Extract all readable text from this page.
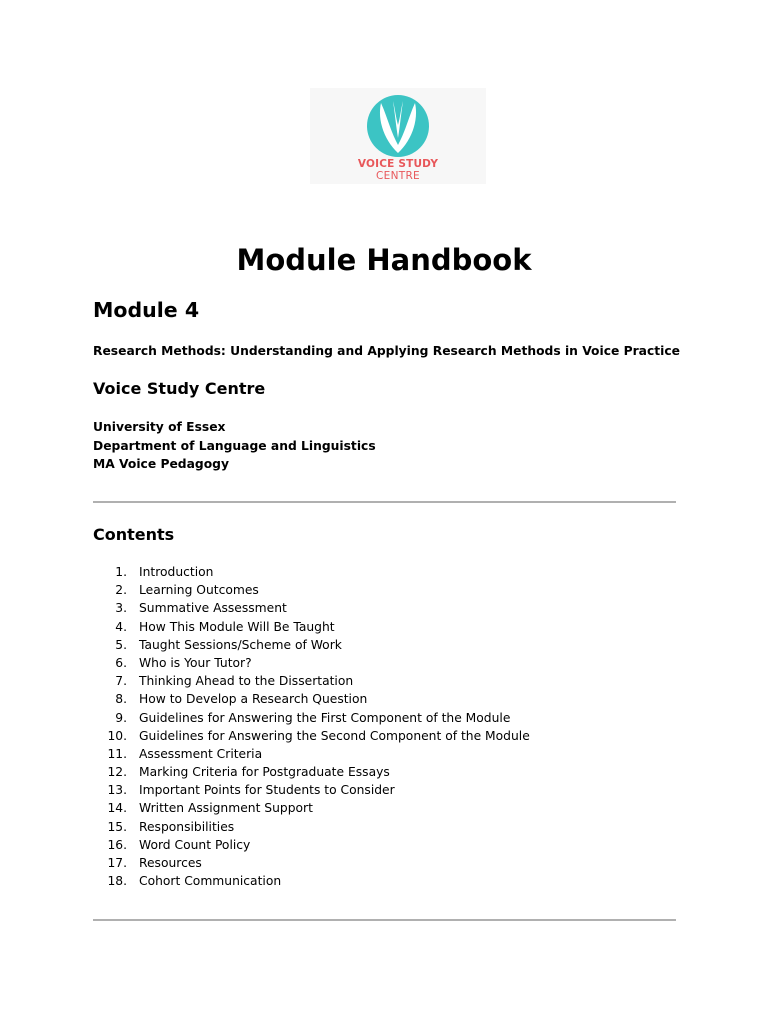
VOICE STUDY
CENTRE
Module Handbook
Module 4

Research Methods: Understanding and Applying Research Methods in Voice Practice

Voice Study Centre
University of Essex
Department of Language and Linguistics
MA Voice Pedagogy
Contents
1. Introduction
2. Learning Outcomes
3. Summative Assessment
4. How This Module Will Be Taught
5. Taught Sessions/Scheme of Work
6. Who is Your Tutor?
7. Thinking Ahead to the Dissertation
8. How to Develop a Research Question
9. Guidelines for Answering the First Component of the Module
10. Guidelines for Answering the Second Component of the Module
11. Assessment Criteria
12. Marking Criteria for Postgraduate Essays
13. Important Points for Students to Consider
14. Written Assignment Support
15. Responsibilities
16. Word Count Policy
17. Resources
18. Cohort Communication
